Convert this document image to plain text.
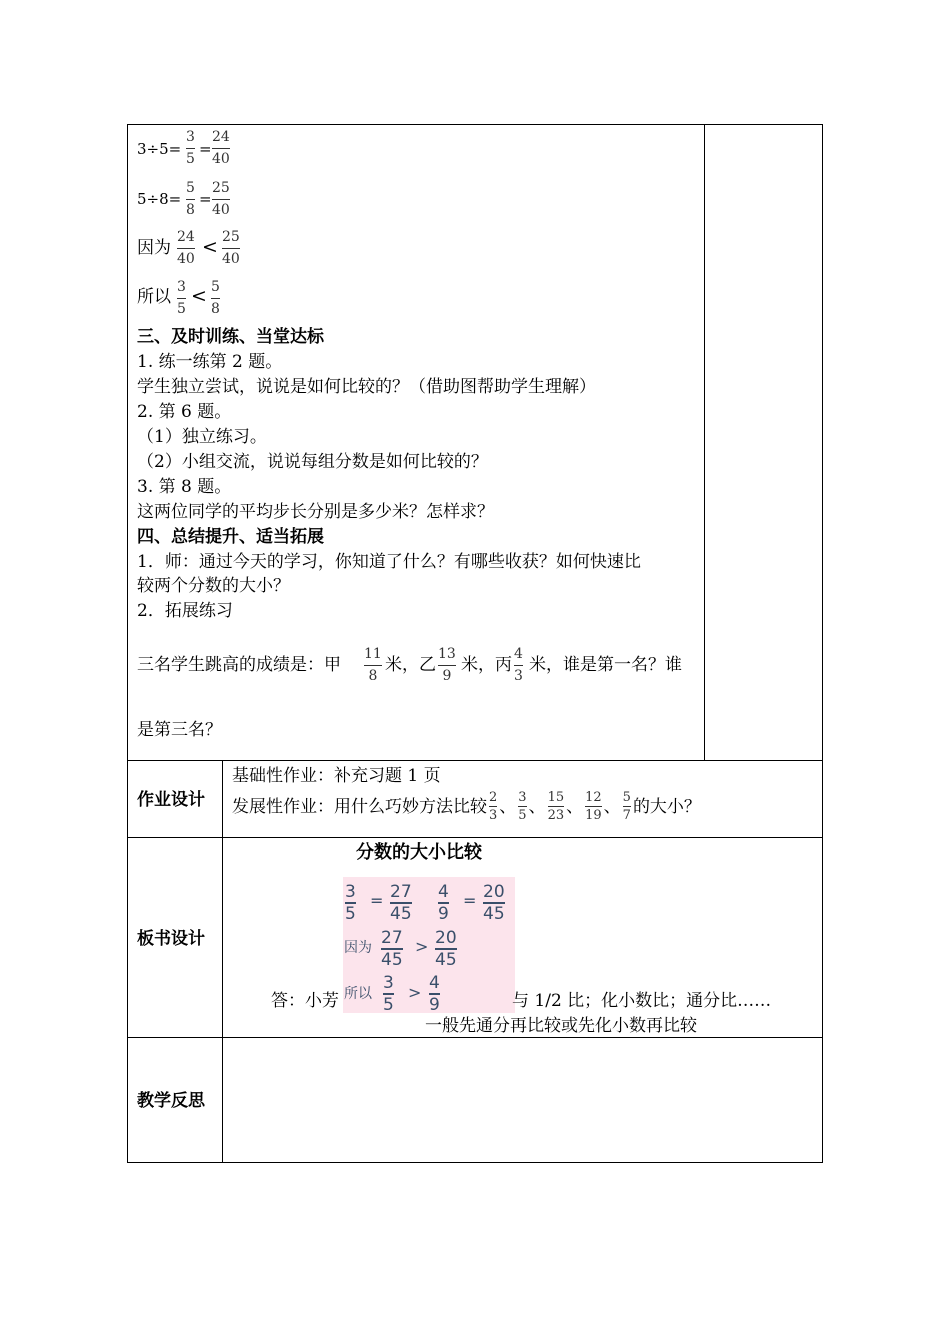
3÷5=
3
5
=
24
40
5÷8=
5
8
=
25
40
因为
24
40
< 25
40
所以 3
5
< 5
8
三、及时训练、当堂达标
1. 练一练第 2 题。
学生独立尝试，说说是如何比较的？（借助图帮助学生理解）
2. 第 6 题。
（1）独立练习。
（2）小组交流，说说每组分数是如何比较的？
3. 第 8 题。
这两位同学的平均步长分别是多少米？怎样求？
四、总结提升、适当拓展
1．师：通过今天的学习，你知道了什么？有哪些收获？如何快速比
较两个分数的大小？
2．拓展练习
三名学生跳高的成绩是：甲
11
8
米，乙
13
9
米，丙
4
3
米，谁是第一名？谁
是第三名？
作业设计
基础性作业：补充习题 1 页
发展性作业：用什么巧妙方法比较 $\frac{2}{3}$ 、 $\frac{3}{5}$ 、 $\frac{15}{23}$ 、 $\frac{12}{19}$ 、 $\frac{5}{7}$ 的大小？
板书设计
分数的大小比较
答：小芳
3
5
= 27
45
4
9
= 20
45
因为 27
45
> 20
45
所以
3
5
> 4
9	与 1/2 比；化小数比；通分比……
一般先通分再比较或先化小数再比较
教学反思
